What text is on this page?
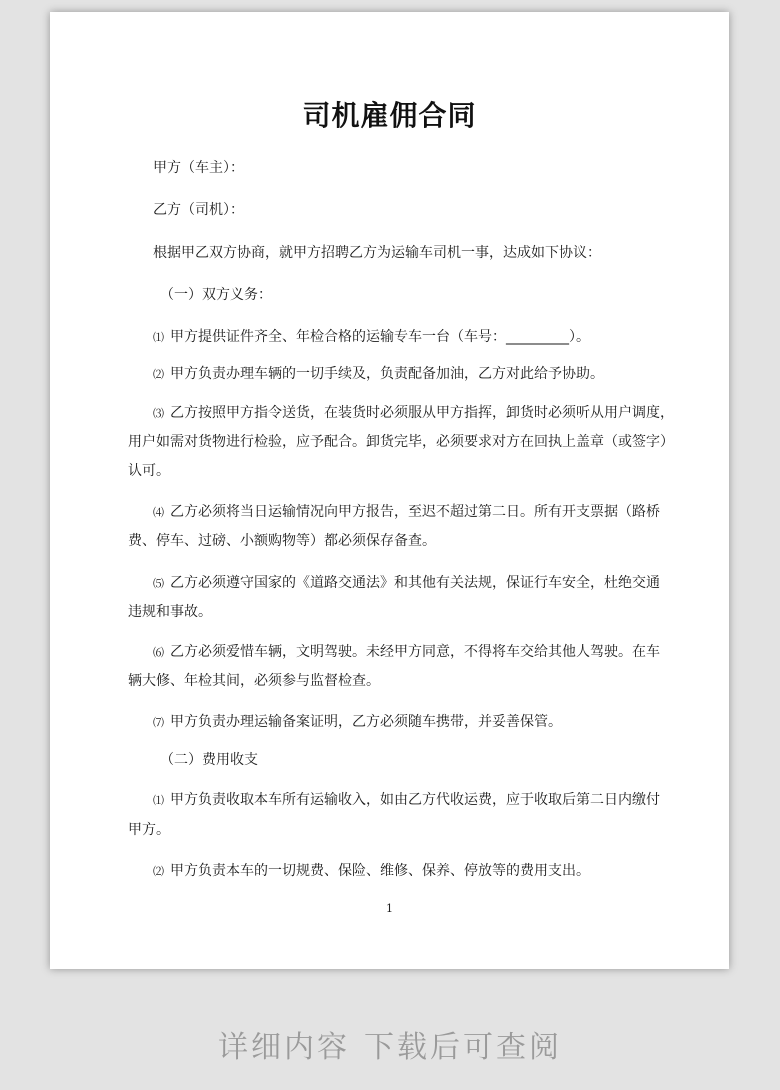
司机雇佣合同
甲方（车主）：
乙方（司机）：
根据甲乙双方协商，就甲方招聘乙方为运输车司机一事，达成如下协议：
（一）双方义务：
⑴ 甲方提供证件齐全、年检合格的运输专车一台（车号：_________）。
⑵ 甲方负责办理车辆的一切手续及，负责配备加油，乙方对此给予协助。
⑶ 乙方按照甲方指令送货，在装货时必须服从甲方指挥，卸货时必须听从用户调度，
用户如需对货物进行检验，应予配合。卸货完毕，必须要求对方在回执上盖章（或签字）
认可。
⑷ 乙方必须将当日运输情况向甲方报告，至迟不超过第二日。所有开支票据（路桥
费、停车、过磅、小额购物等）都必须保存备查。
⑸ 乙方必须遵守国家的《道路交通法》和其他有关法规，保证行车安全，杜绝交通
违规和事故。
⑹ 乙方必须爱惜车辆，文明驾驶。未经甲方同意，不得将车交给其他人驾驶。在车
辆大修、年检其间，必须参与监督检查。
⑺ 甲方负责办理运输备案证明，乙方必须随车携带，并妥善保管。
（二）费用收支
⑴ 甲方负责收取本车所有运输收入，如由乙方代收运费，应于收取后第二日内缴付
甲方。
⑵ 甲方负责本车的一切规费、保险、维修、保养、停放等的费用支出。
1
详细内容 下载后可查阅
